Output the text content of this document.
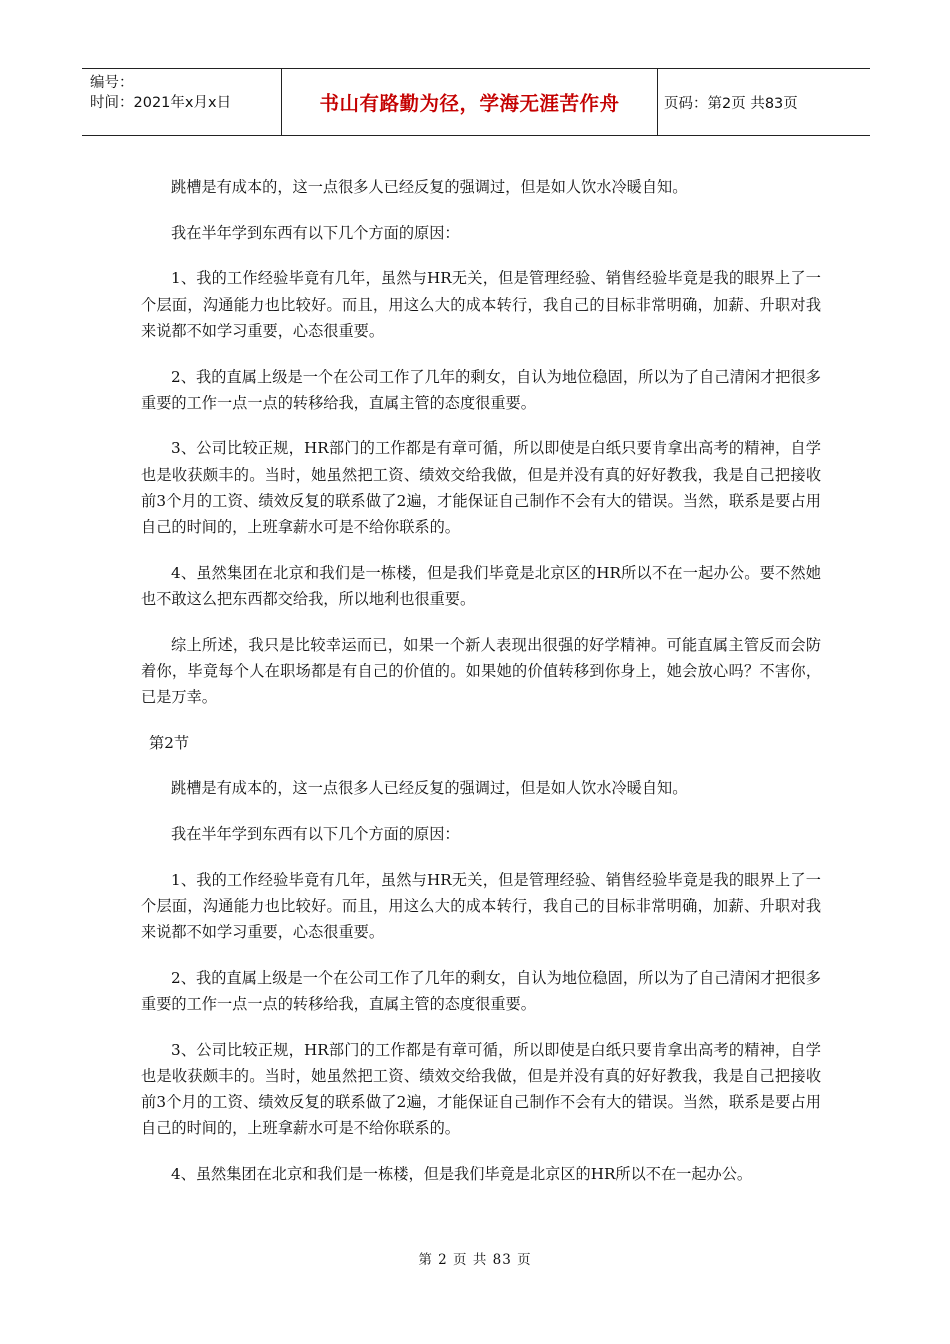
编号：
时间：2021年x月x日	书山有路勤为径，学海无涯苦作舟	页码：第2页 共83页

跳槽是有成本的，这一点很多人已经反复的强调过，但是如人饮水冷暖自知。

我在半年学到东西有以下几个方面的原因：

1、我的工作经验毕竟有几年，虽然与HR无关，但是管理经验、销售经验毕竟是我的眼界上了一个层面，沟通能力也比较好。而且，用这么大的成本转行，我自己的目标非常明确，加薪、升职对我来说都不如学习重要，心态很重要。

2、我的直属上级是一个在公司工作了几年的剩女，自认为地位稳固，所以为了自己清闲才把很多重要的工作一点一点的转移给我，直属主管的态度很重要。

3、公司比较正规，HR部门的工作都是有章可循，所以即使是白纸只要肯拿出高考的精神，自学也是收获颇丰的。当时，她虽然把工资、绩效交给我做，但是并没有真的好好教我，我是自己把接收前3个月的工资、绩效反复的联系做了2遍，才能保证自己制作不会有大的错误。当然，联系是要占用自己的时间的，上班拿薪水可是不给你联系的。

4、虽然集团在北京和我们是一栋楼，但是我们毕竟是北京区的HR所以不在一起办公。要不然她也不敢这么把东西都交给我，所以地利也很重要。

综上所述，我只是比较幸运而已，如果一个新人表现出很强的好学精神。可能直属主管反而会防着你，毕竟每个人在职场都是有自己的价值的。如果她的价值转移到你身上，她会放心吗？不害你，已是万幸。

第2节

跳槽是有成本的，这一点很多人已经反复的强调过，但是如人饮水冷暖自知。

我在半年学到东西有以下几个方面的原因：

1、我的工作经验毕竟有几年，虽然与HR无关，但是管理经验、销售经验毕竟是我的眼界上了一个层面，沟通能力也比较好。而且，用这么大的成本转行，我自己的目标非常明确，加薪、升职对我来说都不如学习重要，心态很重要。

2、我的直属上级是一个在公司工作了几年的剩女，自认为地位稳固，所以为了自己清闲才把很多重要的工作一点一点的转移给我，直属主管的态度很重要。

3、公司比较正规，HR部门的工作都是有章可循，所以即使是白纸只要肯拿出高考的精神，自学也是收获颇丰的。当时，她虽然把工资、绩效交给我做，但是并没有真的好好教我，我是自己把接收前3个月的工资、绩效反复的联系做了2遍，才能保证自己制作不会有大的错误。当然，联系是要占用自己的时间的，上班拿薪水可是不给你联系的。

4、虽然集团在北京和我们是一栋楼，但是我们毕竟是北京区的HR所以不在一起办公。

第 2 页 共 83 页
